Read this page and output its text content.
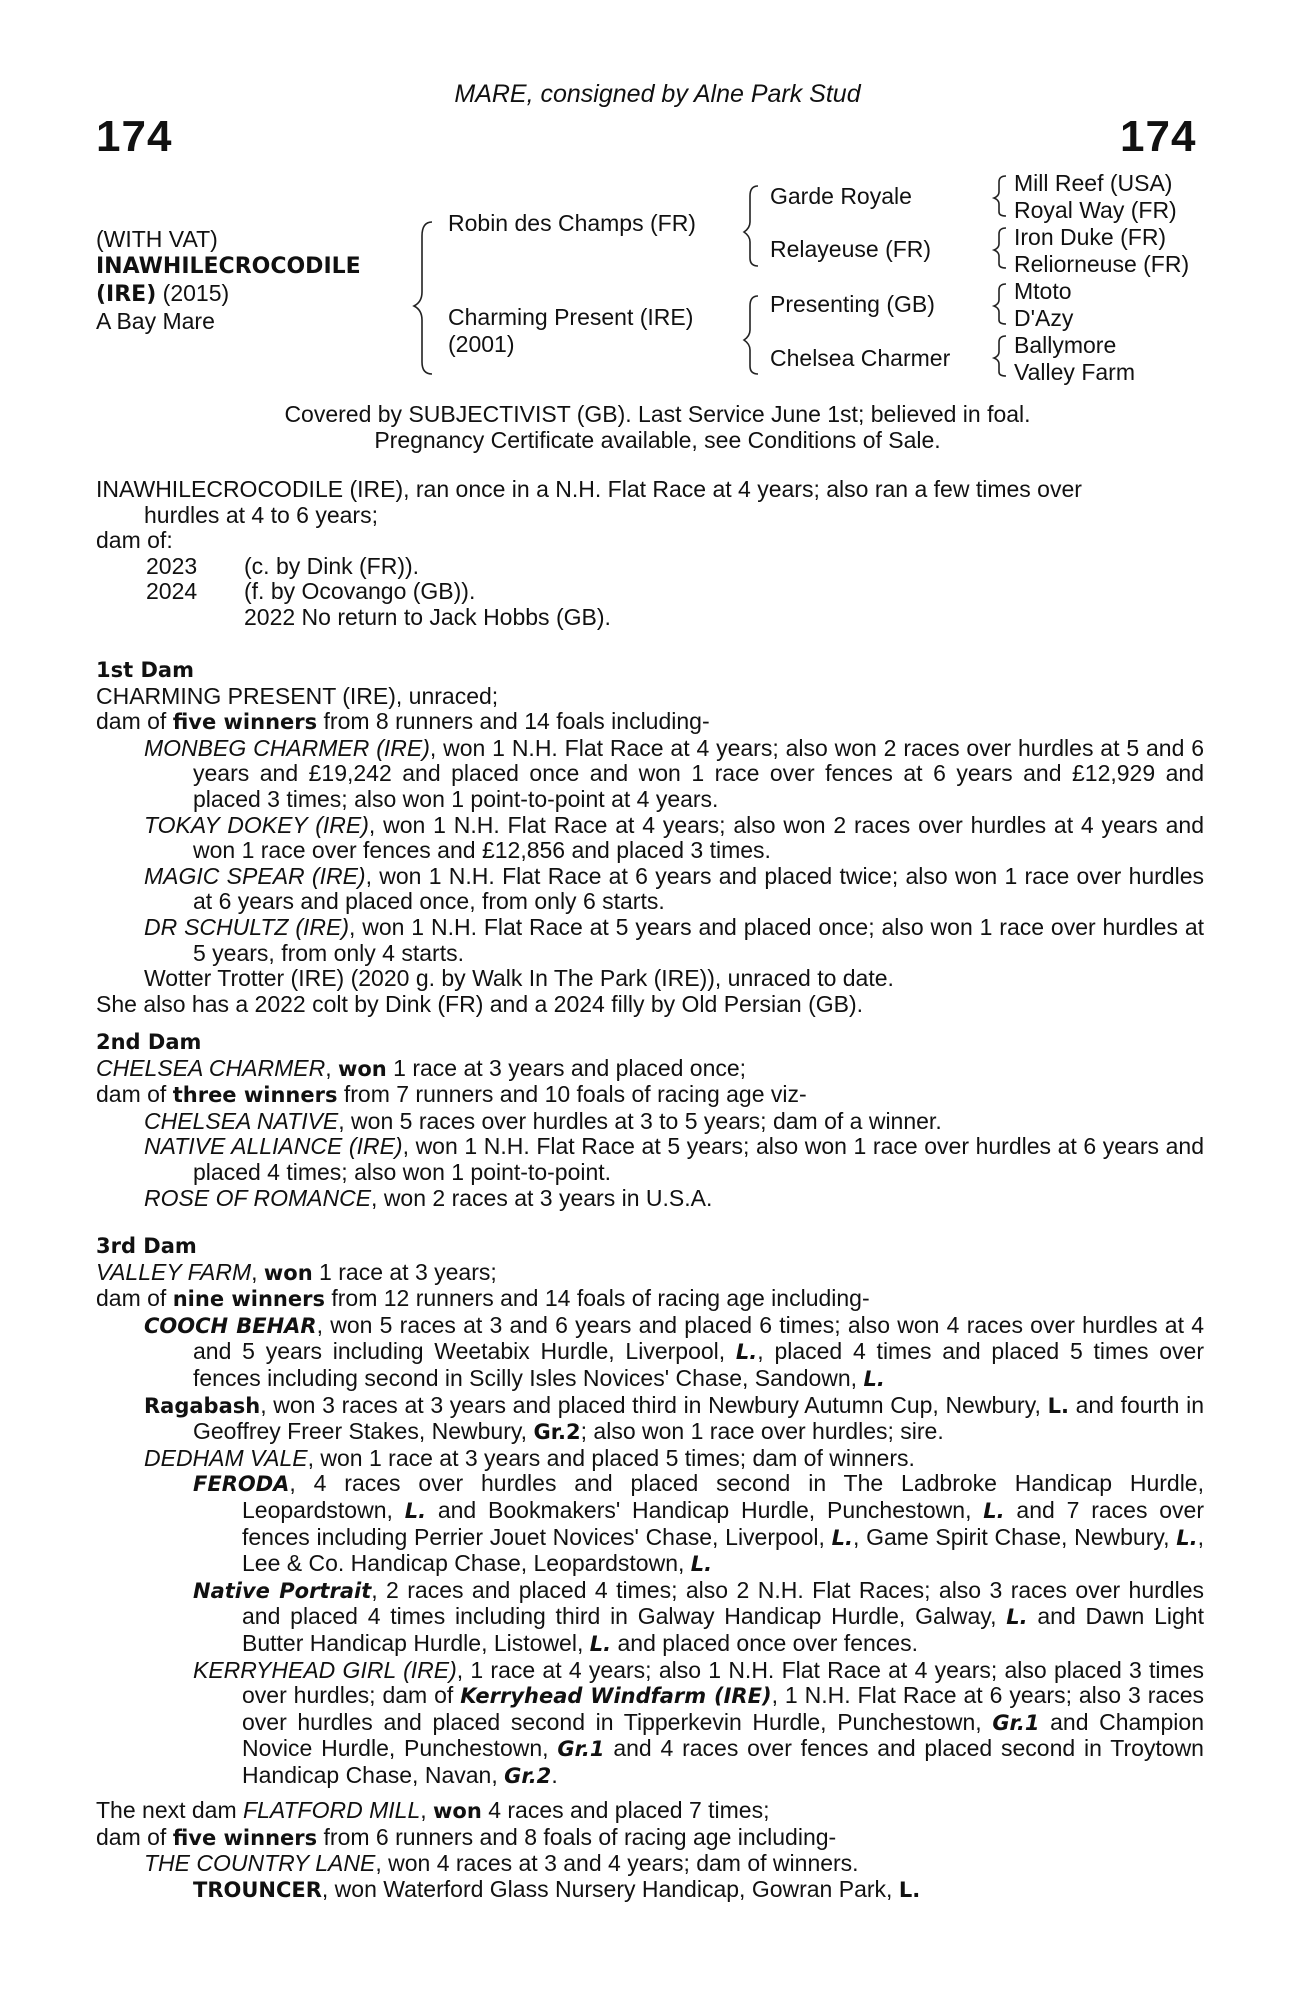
174	174
MARE, consigned by Alne Park Stud
(WITH VAT)
INAWHILECROCODILE
(IRE) (2015)
A Bay Mare
Robin des Champs (FR)
Charming Present (IRE)
(2001)
Garde Royale
Relayeuse (FR)
Presenting (GB)
Chelsea Charmer
Mill Reef (USA)
Royal Way (FR)
Iron Duke (FR)
Reliorneuse (FR)
Mtoto
D'Azy
Ballymore
Valley Farm
Covered by SUBJECTIVIST (GB). Last Service June 1st; believed in foal.
Pregnancy Certificate available, see Conditions of Sale.
INAWHILECROCODILE (IRE), ran once in a N.H. Flat Race at 4 years; also ran a few times over
hurdles at 4 to 6 years;
dam of:
2023 (c. by Dink (FR)).
2024 (f. by Ocovango (GB)).
2022 No return to Jack Hobbs (GB).
1st Dam
CHARMING PRESENT (IRE), unraced;
dam of five winners from 8 runners and 14 foals including-

MONBEG CHARMER (IRE), won 1 N.H. Flat Race at 4 years; also won 2 races over hurdles at 5 and 6 years and £19,242 and placed once and won 1 race over fences at 6 years and £12,929 and placed 3 times; also won 1 point-to-point at 4 years.

TOKAY DOKEY (IRE), won 1 N.H. Flat Race at 4 years; also won 2 races over hurdles at 4 years and won 1 race over fences and £12,856 and placed 3 times.

MAGIC SPEAR (IRE), won 1 N.H. Flat Race at 6 years and placed twice; also won 1 race over hurdles at 6 years and placed once, from only 6 starts.

DR SCHULTZ (IRE), won 1 N.H. Flat Race at 5 years and placed once; also won 1 race over hurdles at 5 years, from only 4 starts.

Wotter Trotter (IRE) (2020 g. by Walk In The Park (IRE)), unraced to date.

She also has a 2022 colt by Dink (FR) and a 2024 filly by Old Persian (GB).
2nd Dam
CHELSEA CHARMER, won 1 race at 3 years and placed once;
dam of three winners from 7 runners and 10 foals of racing age viz-

CHELSEA NATIVE, won 5 races over hurdles at 3 to 5 years; dam of a winner.

NATIVE ALLIANCE (IRE), won 1 N.H. Flat Race at 5 years; also won 1 race over hurdles at 6 years and placed 4 times; also won 1 point-to-point.

ROSE OF ROMANCE, won 2 races at 3 years in U.S.A.

3rd Dam
VALLEY FARM, won 1 race at 3 years;
dam of nine winners from 12 runners and 14 foals of racing age including-

COOCH BEHAR, won 5 races at 3 and 6 years and placed 6 times; also won 4 races over hurdles at 4 and 5 years including Weetabix Hurdle, Liverpool, L., placed 4 times and placed 5 times over fences including second in Scilly Isles Novices' Chase, Sandown, L.

Ragabash, won 3 races at 3 years and placed third in Newbury Autumn Cup, Newbury, L. and fourth in Geoffrey Freer Stakes, Newbury, Gr.2; also won 1 race over hurdles; sire.

DEDHAM VALE, won 1 race at 3 years and placed 5 times; dam of winners.

FERODA, 4 races over hurdles and placed second in The Ladbroke Handicap Hurdle, Leopardstown, L. and Bookmakers' Handicap Hurdle, Punchestown, L. and 7 races over fences including Perrier Jouet Novices' Chase, Liverpool, L., Game Spirit Chase, Newbury, L., Lee & Co. Handicap Chase, Leopardstown, L.

Native Portrait, 2 races and placed 4 times; also 2 N.H. Flat Races; also 3 races over hurdles and placed 4 times including third in Galway Handicap Hurdle, Galway, L. and Dawn Light Butter Handicap Hurdle, Listowel, L. and placed once over fences.

KERRYHEAD GIRL (IRE), 1 race at 4 years; also 1 N.H. Flat Race at 4 years; also placed 3 times over hurdles; dam of Kerryhead Windfarm (IRE), 1 N.H. Flat Race at 6 years; also 3 races over hurdles and placed second in Tipperkevin Hurdle, Punchestown, Gr.1 and Champion Novice Hurdle, Punchestown, Gr.1 and 4 races over fences and placed second in Troytown Handicap Chase, Navan, Gr.2.

The next dam FLATFORD MILL, won 4 races and placed 7 times;
dam of five winners from 6 runners and 8 foals of racing age including-

THE COUNTRY LANE, won 4 races at 3 and 4 years; dam of winners.

TROUNCER, won Waterford Glass Nursery Handicap, Gowran Park, L.
